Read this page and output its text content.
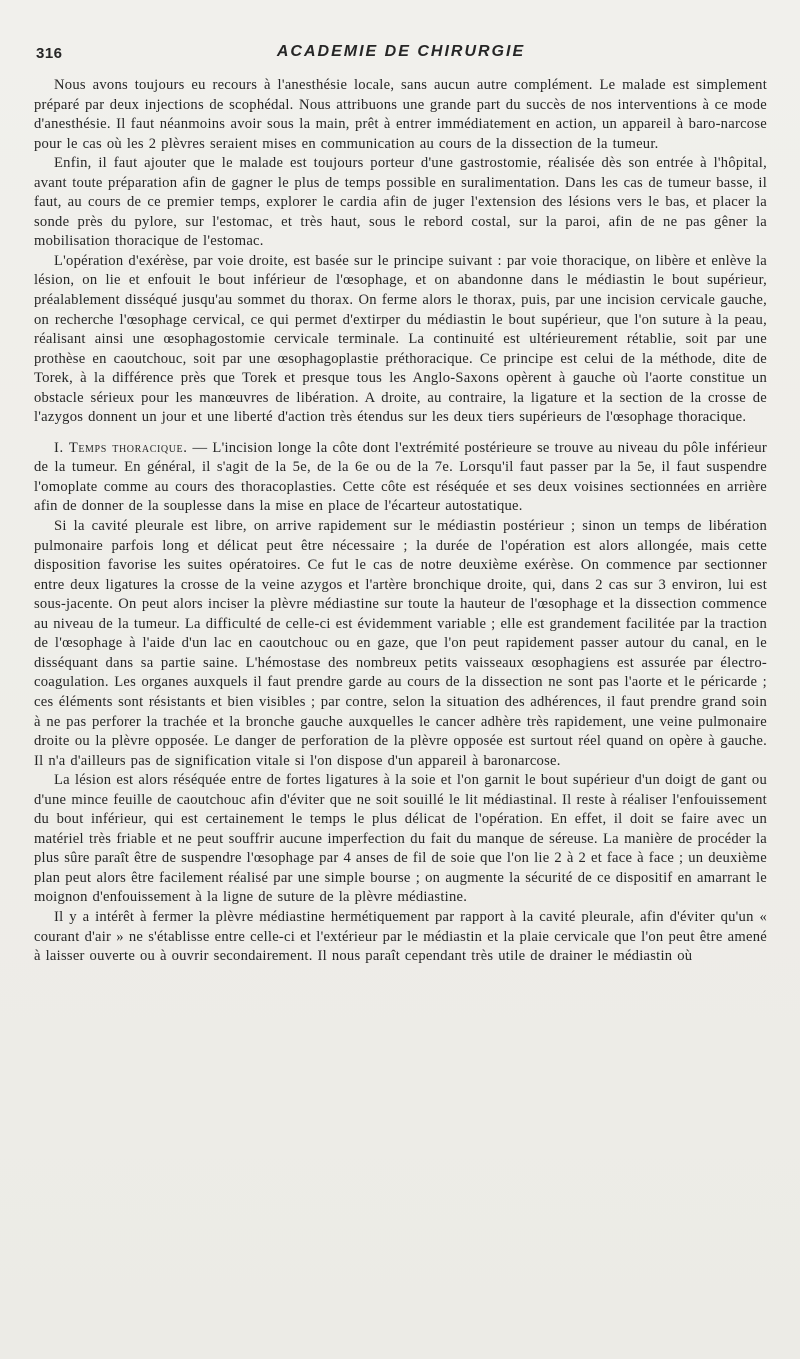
316	ACADEMIE DE CHIRURGIE

Nous avons toujours eu recours à l'anesthésie locale, sans aucun autre complément. Le malade est simplement préparé par deux injections de scophédal. Nous attribuons une grande part du succès de nos interventions à ce mode d'anesthésie. Il faut néanmoins avoir sous la main, prêt à entrer immédiatement en action, un appareil à baro-narcose pour le cas où les 2 plèvres seraient mises en communication au cours de la dissection de la tumeur.

Enfin, il faut ajouter que le malade est toujours porteur d'une gastrostomie, réalisée dès son entrée à l'hôpital, avant toute préparation afin de gagner le plus de temps possible en suralimentation. Dans les cas de tumeur basse, il faut, au cours de ce premier temps, explorer le cardia afin de juger l'extension des lésions vers le bas, et placer la sonde près du pylore, sur l'estomac, et très haut, sous le rebord costal, sur la paroi, afin de ne pas gêner la mobilisation thoracique de l'estomac.

L'opération d'exérèse, par voie droite, est basée sur le principe suivant : par voie thoracique, on libère et enlève la lésion, on lie et enfouit le bout inférieur de l'œsophage, et on abandonne dans le médiastin le bout supérieur, préalablement disséqué jusqu'au sommet du thorax. On ferme alors le thorax, puis, par une incision cervicale gauche, on recherche l'œsophage cervical, ce qui permet d'extirper du médiastin le bout supérieur, que l'on suture à la peau, réalisant ainsi une œsophagostomie cervicale terminale. La continuité est ultérieurement rétablie, soit par une prothèse en caoutchouc, soit par une œsophagoplastie préthoracique. Ce principe est celui de la méthode, dite de Torek, à la différence près que Torek et presque tous les Anglo-Saxons opèrent à gauche où l'aorte constitue un obstacle sérieux pour les manœuvres de libération. A droite, au contraire, la ligature et la section de la crosse de l'azygos donnent un jour et une liberté d'action très étendus sur les deux tiers supérieurs de l'œsophage thoracique.

I. Temps thoracique. — L'incision longe la côte dont l'extrémité postérieure se trouve au niveau du pôle inférieur de la tumeur. En général, il s'agit de la 5e, de la 6e ou de la 7e. Lorsqu'il faut passer par la 5e, il faut suspendre l'omoplate comme au cours des thoracoplasties. Cette côte est réséquée et ses deux voisines sectionnées en arrière afin de donner de la souplesse dans la mise en place de l'écarteur autostatique.

Si la cavité pleurale est libre, on arrive rapidement sur le médiastin postérieur ; sinon un temps de libération pulmonaire parfois long et délicat peut être nécessaire ; la durée de l'opération est alors allongée, mais cette disposition favorise les suites opératoires. Ce fut le cas de notre deuxième exérèse. On commence par sectionner entre deux ligatures la crosse de la veine azygos et l'artère bronchique droite, qui, dans 2 cas sur 3 environ, lui est sous-jacente. On peut alors inciser la plèvre médiastine sur toute la hauteur de l'œsophage et la dissection commence au niveau de la tumeur. La difficulté de celle-ci est évidemment variable ; elle est grandement facilitée par la traction de l'œsophage à l'aide d'un lac en caoutchouc ou en gaze, que l'on peut rapidement passer autour du canal, en le disséquant dans sa partie saine. L'hémostase des nombreux petits vaisseaux œsophagiens est assurée par électro-coagulation. Les organes auxquels il faut prendre garde au cours de la dissection ne sont pas l'aorte et le péricarde ; ces éléments sont résistants et bien visibles ; par contre, selon la situation des adhérences, il faut prendre grand soin à ne pas perforer la trachée et la bronche gauche auxquelles le cancer adhère très rapidement, une veine pulmonaire droite ou la plèvre opposée. Le danger de perforation de la plèvre opposée est surtout réel quand on opère à gauche. Il n'a d'ailleurs pas de signification vitale si l'on dispose d'un appareil à baronarcose.

La lésion est alors réséquée entre de fortes ligatures à la soie et l'on garnit le bout supérieur d'un doigt de gant ou d'une mince feuille de caoutchouc afin d'éviter que ne soit souillé le lit médiastinal. Il reste à réaliser l'enfouissement du bout inférieur, qui est certainement le temps le plus délicat de l'opération. En effet, il doit se faire avec un matériel très friable et ne peut souffrir aucune imperfection du fait du manque de séreuse. La manière de procéder la plus sûre paraît être de suspendre l'œsophage par 4 anses de fil de soie que l'on lie 2 à 2 et face à face ; un deuxième plan peut alors être facilement réalisé par une simple bourse ; on augmente la sécurité de ce dispositif en amarrant le moignon d'enfouissement à la ligne de suture de la plèvre médiastine.

Il y a intérêt à fermer la plèvre médiastine hermétiquement par rapport à la cavité pleurale, afin d'éviter qu'un « courant d'air » ne s'établisse entre celle-ci et l'extérieur par le médiastin et la plaie cervicale que l'on peut être amené à laisser ouverte ou à ouvrir secondairement. Il nous paraît cependant très utile de drainer le médiastin où
